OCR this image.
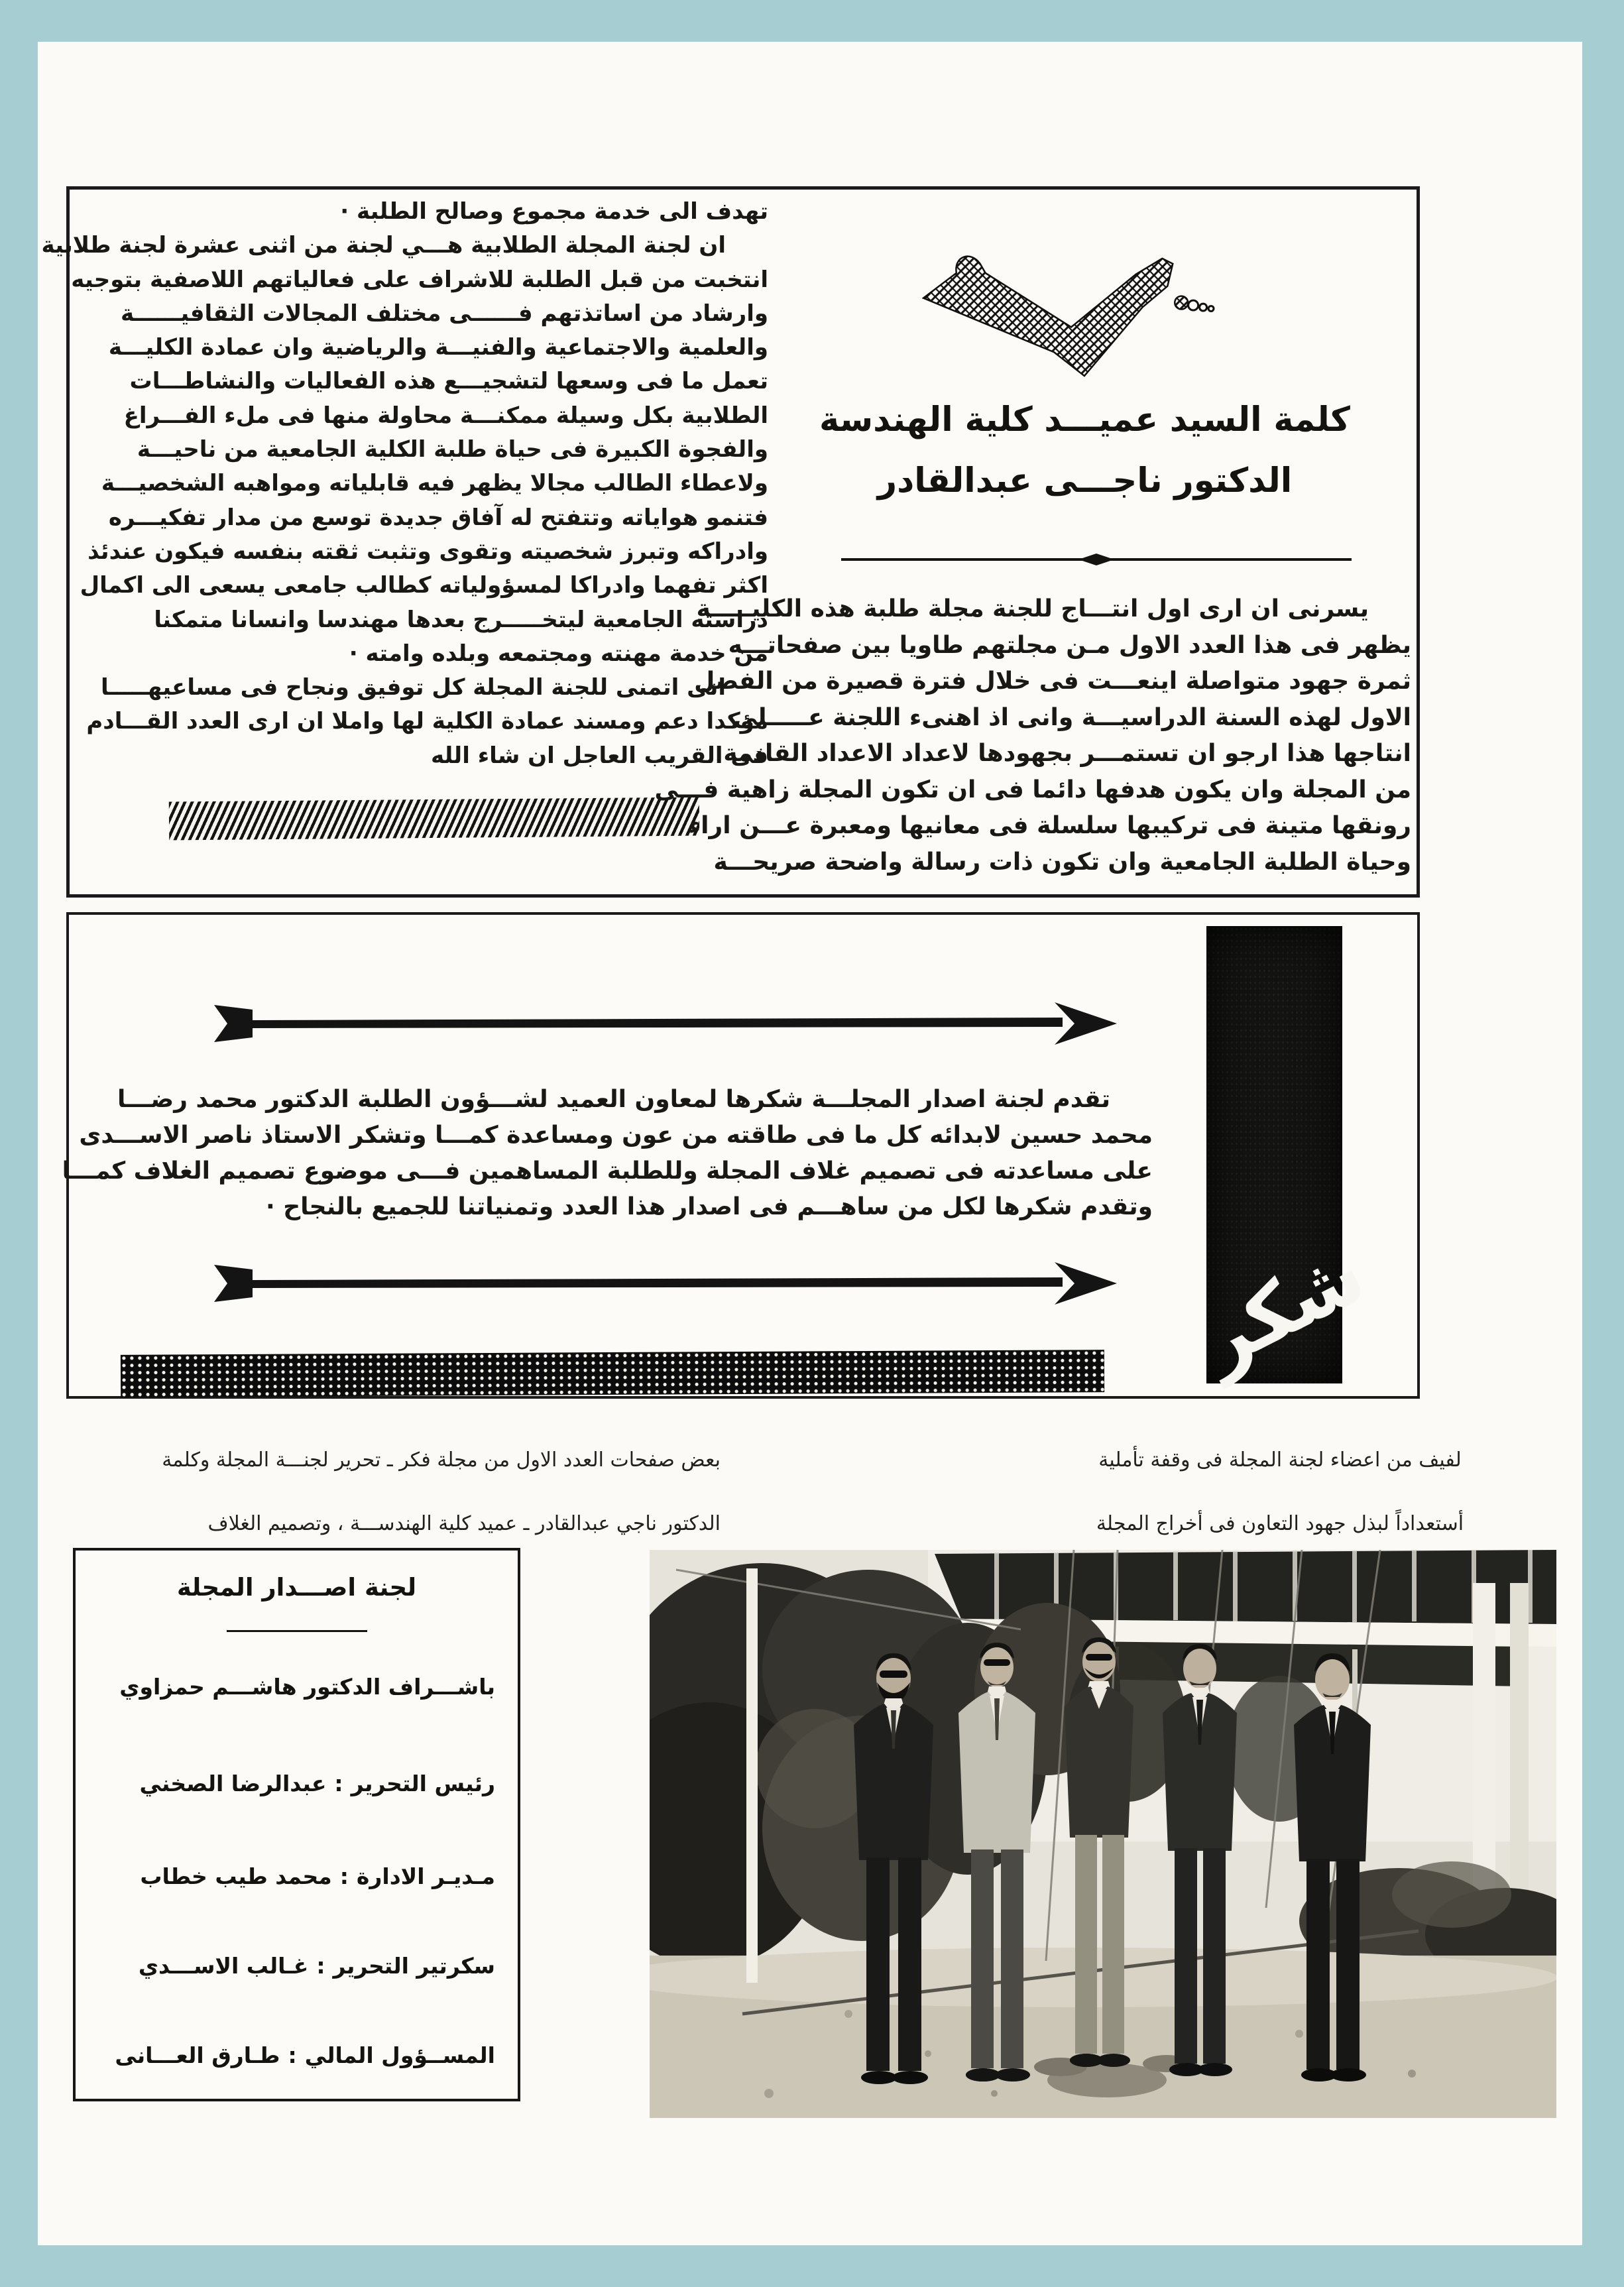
تهدف الى خدمة مجموع وصالح الطلبة ·
ان لجنة المجلة الطلابية هـــي لجنة من اثنى عشرة لجنة طلابية
انتخبت من قبل الطلبة للاشراف على فعالياتهم اللاصفية بتوجيه
وارشاد من اساتذتهم فــــــى مختلف المجالات الثقافيــــــة
والعلمية والاجتماعية والفنيـــة والرياضية وان عمادة الكليـــة
تعمل ما فى وسعها لتشجيـــع هذه الفعاليات والنشاطـــات
الطلابية بكل وسيلة ممكنـــة محاولة منها فى ملء الفـــراغ
والفجوة الكبيرة فى حياة طلبة الكلية الجامعية من ناحيـــة
ولاعطاء الطالب مجالا يظهر فيه قابلياته ومواهبه الشخصيـــة
فتنمو هواياته وتتفتح له آفاق جديدة توسع من مدار تفكيـــره
وادراكه وتبرز شخصيته وتقوى وتثبت ثقته بنفسه فيكون عندئذ
اكثر تفهما وادراكا لمسؤولياته كطالب جامعى يسعى الى اكمال
دراسته الجامعية ليتخـــــرج بعدها مهندسا وانسانا متمكنا
من خدمة مهنته ومجتمعه وبلده وامته ·
انى اتمنى للجنة المجلة كل توفيق ونجاح فى مساعيهـــــا
مؤكدا دعم ومسند عمادة الكلية لها واملا ان ارى العدد القـــادم
فى القريب العاجل ان شاء الله
كلمة السيد عميـــد كلية الهندسة
الدكتور ناجـــى عبدالقادر
يسرنى ان ارى اول انتـــاج للجنة مجلة طلبة هذه الكليـــــة
يظهر فى هذا العدد الاول مـن مجلتهم طاويا بين صفحاتـــه
ثمرة جهود متواصلة اينعـــت فى خلال فترة قصيرة من الفصل
الاول لهذه السنة الدراسيـــة وانى اذ اهنىء اللجنة عـــــلى
انتاجها هذا ارجو ان تستمـــر بجهودها لاعداد الاعداد القادمة
من المجلة وان يكون هدفها دائما فى ان تكون المجلة زاهية فـــى
رونقها متينة فى تركيبها سلسلة فى معانيها ومعبرة عـــن اراء
وحياة الطلبة الجامعية وان تكون ذات رسالة واضحة صريحـــة
تقدم لجنة اصدار المجلـــة شكرها لمعاون العميد لشـــؤون الطلبة الدكتور محمد رضـــا
محمد حسين لابدائه كل ما فى طاقته من عون ومساعدة كمـــا وتشكر الاستاذ ناصر الاســـدى
على مساعدته فى تصميم غلاف المجلة وللطلبة المساهمين فـــى موضوع تصميم الغلاف كمـــا
وتقدم شكرها لكل من ساهـــم فى اصدار هذا العدد وتمنياتنا للجميع بالنجاح ·
شكر
بعض صفحات العدد الاول من مجلة فكر ـ تحرير لجنـــة المجلة وكلمة
الدكتور ناجي عبدالقادر ـ عميد كلية الهندســـة ، وتصميم الغلاف
لفيف من اعضاء لجنة المجلة فى وقفة تأملية
أستعداداً لبذل جهود التعاون فى أخراج المجلة
لجنة اصـــدار المجلة
باشـــراف الدكتور هاشـــم حمزاوي
رئيس التحرير:عبدالرضا الصخني
مـديـر الادارة:محمد طيب خطاب
سكرتير التحرير:غـالب الاســـدي
المســؤول المالي:طـارق العـــانى
